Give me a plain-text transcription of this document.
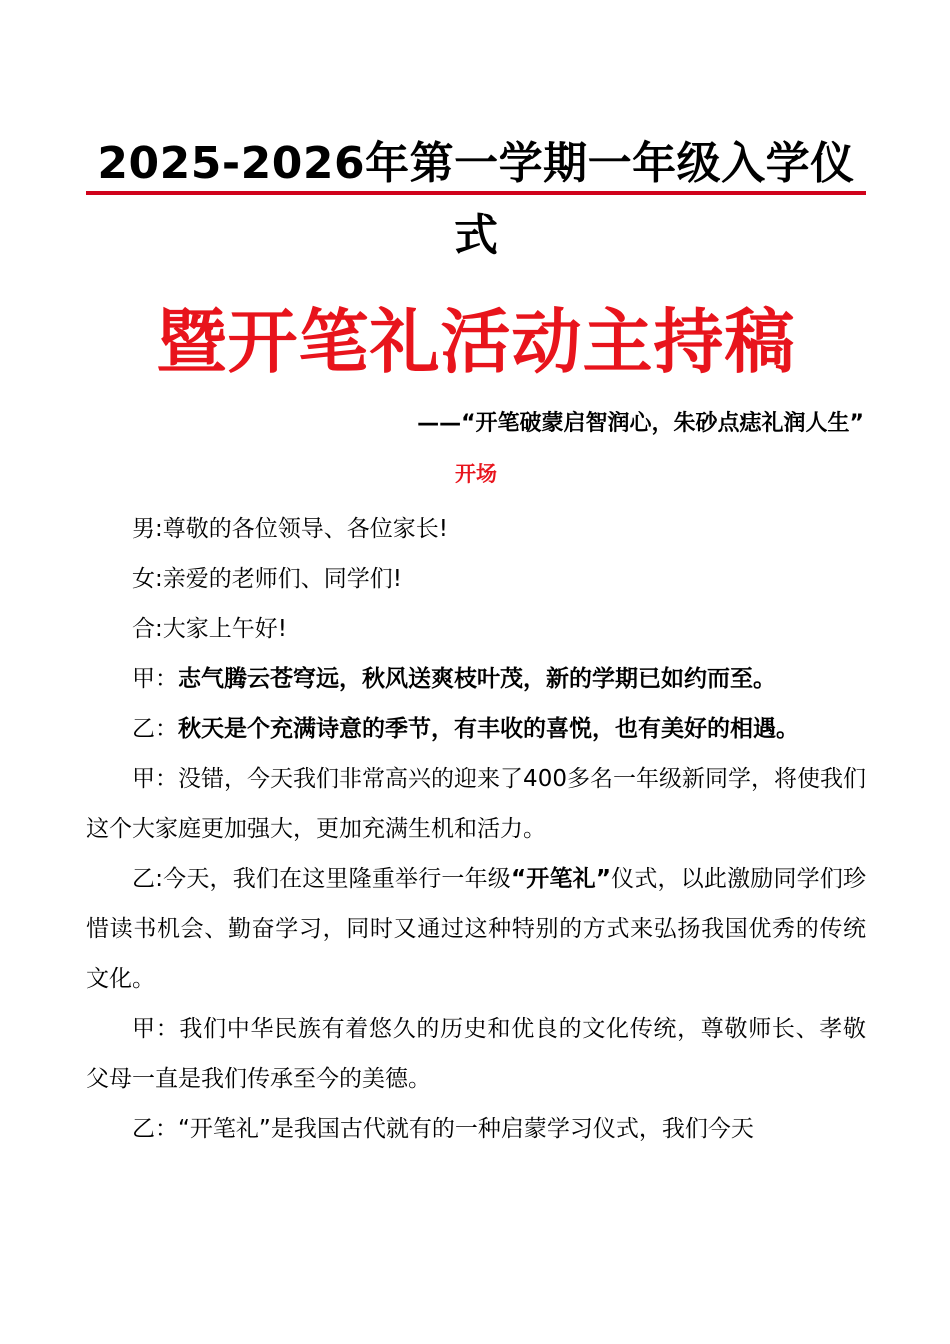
2025-2026年第一学期一年级入学仪
式
暨开笔礼活动主持稿
——“开笔破蒙启智润心，朱砂点痣礼润人生”
开场

男:尊敬的各位领导、各位家长!

女:亲爱的老师们、同学们!

合:大家上午好!

甲：志气腾云苍穹远，秋风送爽枝叶茂，新的学期已如约而至。

乙：秋天是个充满诗意的季节，有丰收的喜悦，也有美好的相遇。

甲：没错，今天我们非常高兴的迎来了400多名一年级新同学，将使我们这个大家庭更加强大，更加充满生机和活力。

乙:今天，我们在这里隆重举行一年级“开笔礼”仪式，以此激励同学们珍惜读书机会、勤奋学习，同时又通过这种特别的方式来弘扬我国优秀的传统文化。

甲：我们中华民族有着悠久的历史和优良的文化传统，尊敬师长、孝敬父母一直是我们传承至今的美德。

乙：“开笔礼”是我国古代就有的一种启蒙学习仪式，我们今天
